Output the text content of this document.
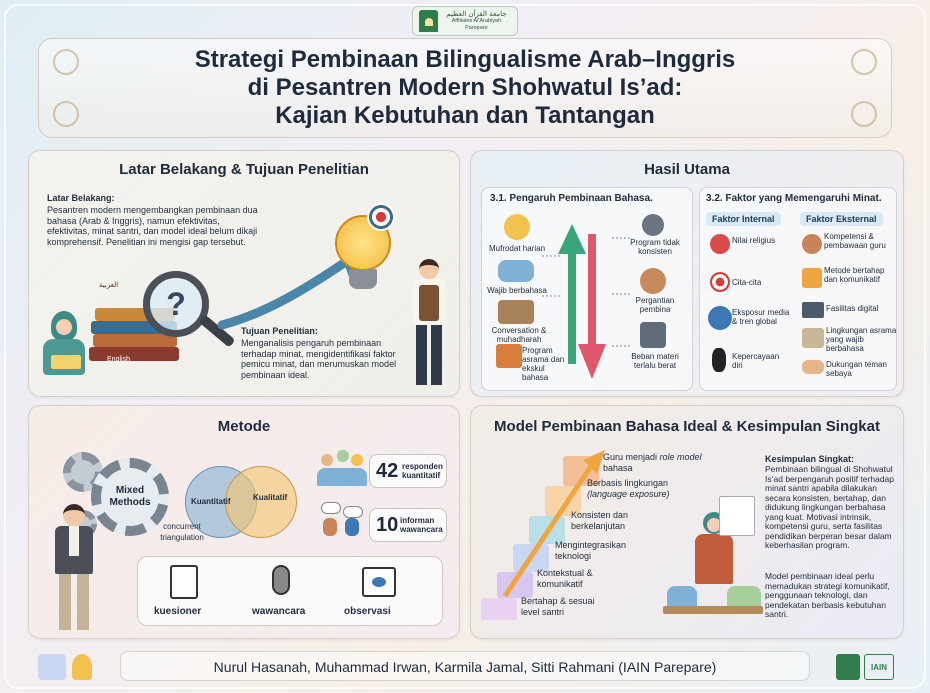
جامعة القرآن العظيم
Affiliates Al'Arabiyah Parepare
Strategi Pembinaan Bilingualisme Arab–Inggris
di Pesantren Modern Shohwatul Is’ad:
Kajian Kebutuhan dan Tantangan
Latar Belakang & Tujuan Penelitian
Latar Belakang:
Pesantren modern mengembangkan pembinaan dua bahasa (Arab & Inggris), namun efektivitas, efektivitas, minat santri, dan model ideal belum dikaji komprehensif. Penelitian ini mengisi gap tersebut.
?
العربية
English
Tujuan Penelitian:
Menganalisis pengaruh pembinaan terhadap minat, mengidentifikasi faktor pemicu minat, dan merumuskan model pembinaan ideal.
Hasil Utama
3.1. Pengaruh Pembinaan Bahasa.
Mufrodat harian
Wajib berbahasa
Conversation & muhadharah
Program asrama dan ekskul bahasa
Program tidak konsisten
Pergantian pembina
Beban materi terlalu berat
3.2. Faktor yang Memengaruhi Minat.
Faktor Internal	Faktor Eksternal
Nilai religius
Cita-cita
Eksposur media & tren global
Kepercayaan diri
Kompetensi & pembawaan guru
Metode bertahap dan komunikatif
Fasilitas digital
Lingkungan asrama yang wajib berbahasa
Dukungan teman sebaya
Metode
Mixed Methods	Kuantitatif	Kualitatif
concurrent triangulation
42 responden kuantitatif
10 informan wawancara
kuesioner	wawancara	observasi
Model Pembinaan Bahasa Ideal & Kesimpulan Singkat
Guru menjadi role model bahasa
Berbasis lingkungan (language exposure)
Konsisten dan berkelanjutan
Mengintegrasikan teknologi
Kontekstual & komunikatif
Bertahap & sesuai level santri
Kesimpulan Singkat:
Pembinaan bilingual di Shohwatul Is’ad berpengaruh positif terhadap minat santri apabila dilakukan secara konsisten, bertahap, dan didukung lingkungan berbahasa yang kuat. Motivasi intrinsik, kompetensi guru, serta fasilitas pendidikan berperan besar dalam keberhasilan program.
Model pembinaan ideal perlu memadukan strategi komunikatif, penggunaan teknologi, dan pendekatan berbasis kebutuhan santri.
Nurul Hasanah, Muhammad Irwan, Karmila Jamal, Sitti Rahmani (IAIN Parepare)	IAIN
